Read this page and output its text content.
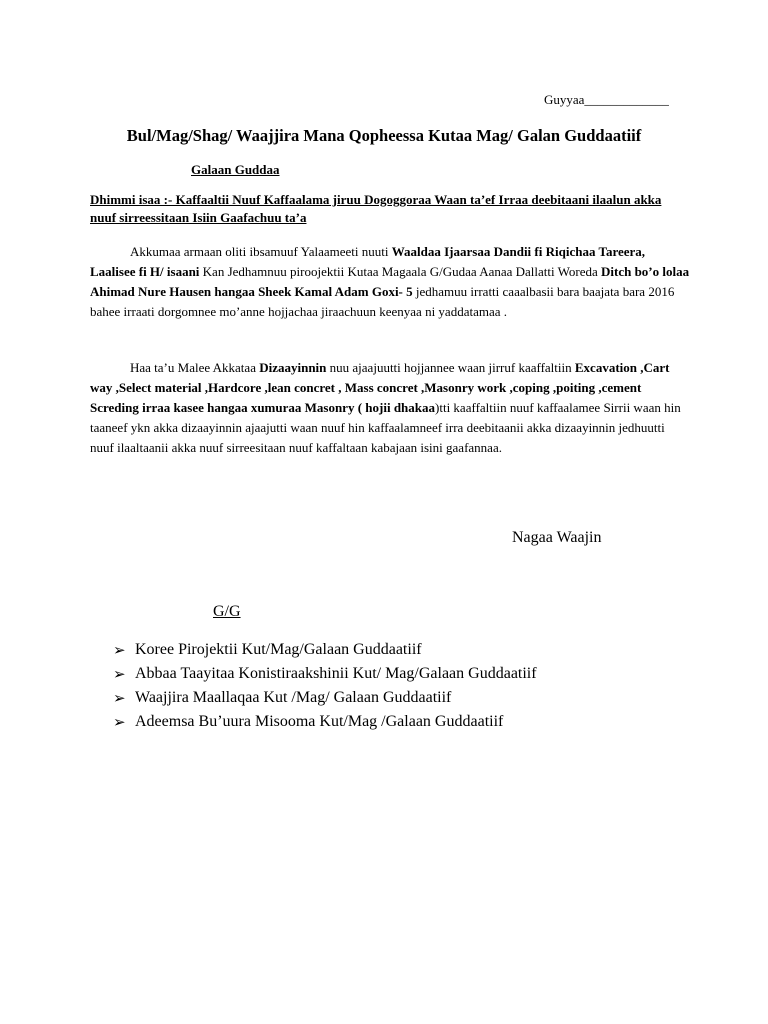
Guyyaa_____________
Bul/Mag/Shag/ Waajjira Mana Qopheessa Kutaa Mag/ Galan Guddaatiif
Galaan Guddaa
Dhimmi isaa :- Kaffaaltii Nuuf Kaffaalama jiruu Dogoggoraa Waan ta’ef Irraa deebitaani ilaalun akka nuuf sirreessitaan Isiin Gaafachuu ta’a
Akkumaa armaan oliti ibsamuuf Yalaameeti nuuti Waaldaa Ijaarsaa Dandii fi Riqichaa Tareera, Laalisee fi H/ isaani Kan Jedhamnuu piroojektii Kutaa Magaala G/Gudaa Aanaa Dallatti Woreda Ditch bo’o lolaa Ahimad Nure Hausen hangaa Sheek Kamal Adam Goxi- 5 jedhamuu irratti caaalbasii bara baajata bara 2016 bahee irraati dorgomnee mo’anne hojjachaa jiraachuun keenyaa ni yaddatamaa .
Haa ta’u Malee Akkataa Dizaayinnin nuu ajaajuutti hojjannee waan jirruf kaaffaltiin Excavation ,Cart way ,Select material ,Hardcore ,lean concret , Mass concret ,Masonry work ,coping ,poiting ,cement Screding irraa kasee hangaa xumuraa Masonry ( hojii dhakaa)tti kaaffaltiin nuuf kaffaalamee Sirrii waan hin taaneef ykn akka dizaayinnin ajaajutti waan nuuf hin kaffaalamneef irra deebitaanii akka dizaayinnin jedhuutti nuuf ilaaltaanii akka nuuf sirreesitaan nuuf kaffaltaan kabajaan isini gaafannaa.
Nagaa Waajin
G/G
➢ Koree Pirojektii Kut/Mag/Galaan Guddaatiif
➢ Abbaa Taayitaa Konistiraakshinii Kut/ Mag/Galaan Guddaatiif
➢ Waajjira Maallaqaa Kut /Mag/ Galaan Guddaatiif
➢ Adeemsa Bu’uura Misooma Kut/Mag /Galaan Guddaatiif
